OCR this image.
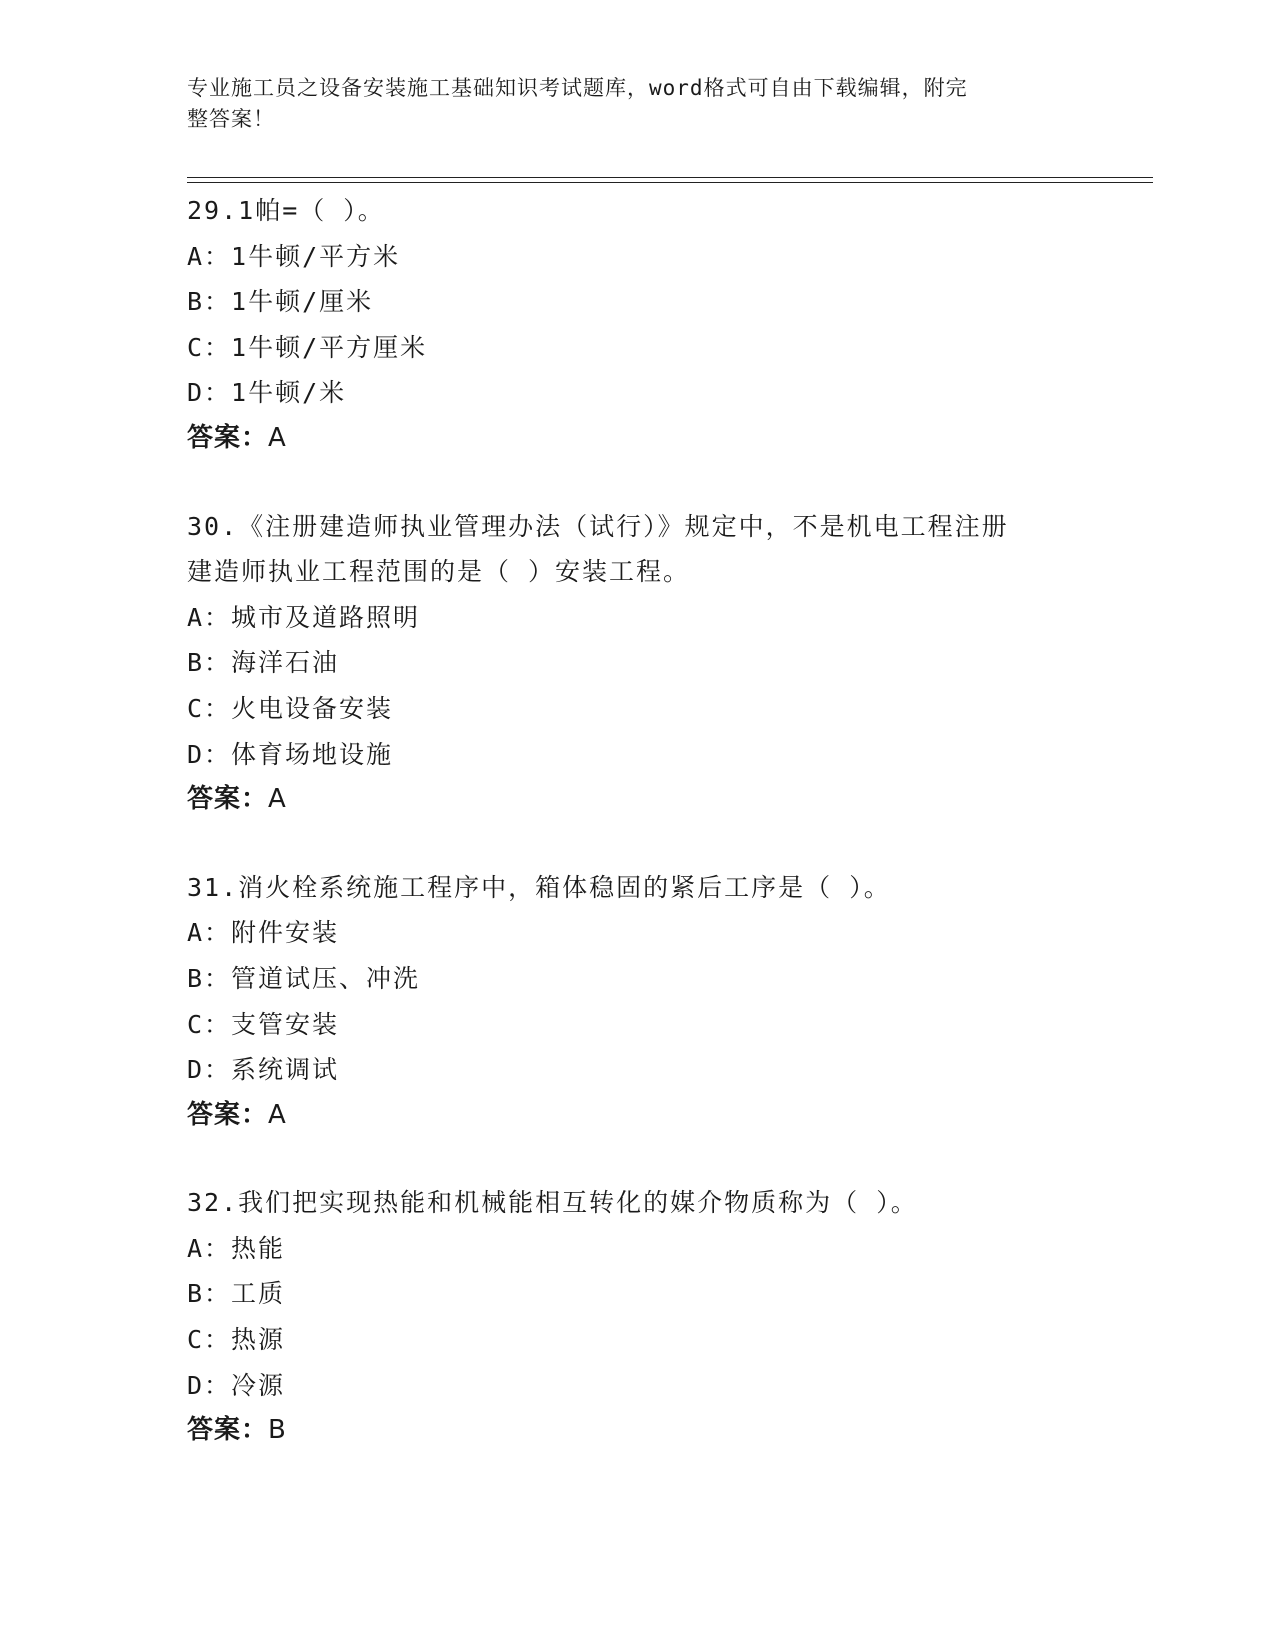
专业施工员之设备安装施工基础知识考试题库，word格式可自由下载编辑，附完
整答案！
29.1帕=（ ）。
A：1牛顿/平方米
B：1牛顿/厘米
C：1牛顿/平方厘米
D：1牛顿/米
答案：A
30.《注册建造师执业管理办法（试行）》规定中，不是机电工程注册
建造师执业工程范围的是（ ）安装工程。
A：城市及道路照明
B：海洋石油
C：火电设备安装
D：体育场地设施
答案：A
31.消火栓系统施工程序中，箱体稳固的紧后工序是（ ）。
A：附件安装
B：管道试压、冲洗
C：支管安装
D：系统调试
答案：A
32.我们把实现热能和机械能相互转化的媒介物质称为（ ）。
A：热能
B：工质
C：热源
D：冷源
答案：B
